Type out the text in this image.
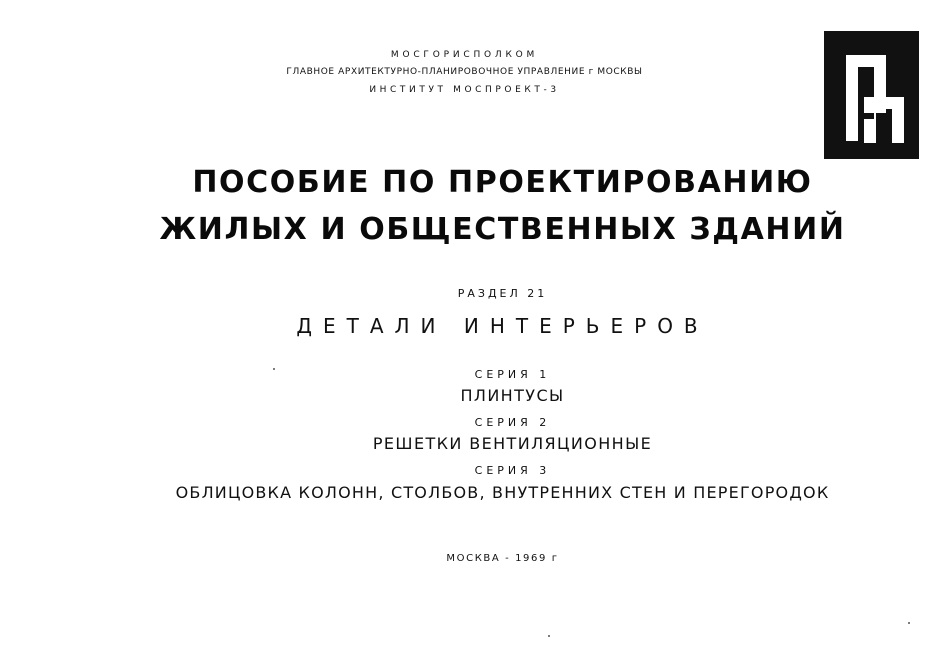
МОСГОРИСПОЛКОМ
ГЛАВНОЕ АРХИТЕКТУРНО-ПЛАНИРОВОЧНОЕ УПРАВЛЕНИЕ г МОСКВЫ
ИНСТИТУТ МОСПРОЕКТ-3
ПОСОБИЕ ПО ПРОЕКТИРОВАНИЮ
ЖИЛЫХ И ОБЩЕСТВЕННЫХ ЗДАНИЙ
РАЗДЕЛ 21
ДЕТАЛИ ИНТЕРЬЕРОВ
СЕРИЯ 1
ПЛИНТУСЫ
СЕРИЯ 2
РЕШЕТКИ ВЕНТИЛЯЦИОННЫЕ
СЕРИЯ 3
ОБЛИЦОВКА КОЛОНН, СТОЛБОВ, ВНУТРЕННИХ СТЕН И ПЕРЕГОРОДОК
МОСКВА - 1969 г
